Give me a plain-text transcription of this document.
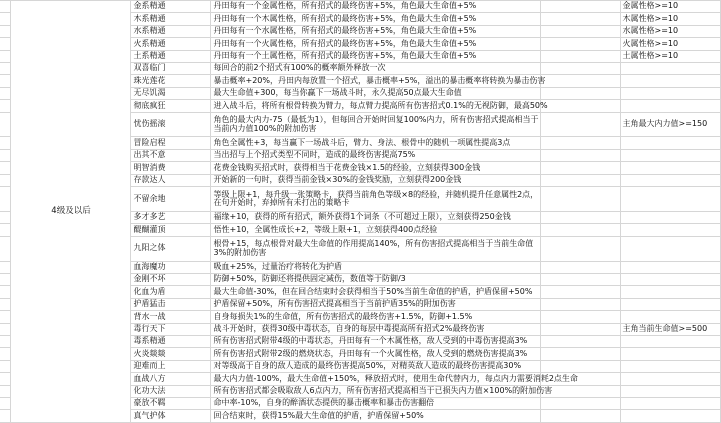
	4级及以后	金系精通	丹田每有一个金属性格，所有招式的最终伤害+5%，角色最大生命值+5%		金属性格>=10
		木系精通	丹田每有一个木属性格，所有招式的最终伤害+5%，角色最大生命值+5%		木属性格>=10
		水系精通	丹田每有一个水属性格，所有招式的最终伤害+5%，角色最大生命值+5%		水属性格>=10
		火系精通	丹田每有一个火属性格，所有招式的最终伤害+5%，角色最大生命值+5%		火属性格>=10
		土系精通	丹田每有一个土属性格，所有招式的最终伤害+5%，角色最大生命值+5%		土属性格>=10
		双喜临门	每回合的前2个招式有100%的概率额外释放一次		
		珠光莲花	暴击概率+20%，丹田内每放置一个招式，暴击概率+5%，溢出的暴击概率将转换为暴击伤害		
		无尽饥渴	最大生命值+300，每当你赢下一场战斗时，永久提高50点最大生命值		
		彻底疯狂	进入战斗后，将所有根骨转换为臂力，每点臂力提高所有伤害招式0.1%的无视防御，最高50%		
		忧伤摇滚	角色的最大内力-75（最低为1），但每回合开始时回复100%内力，所有伤害招式提高相当于当前内力值100%的附加伤害		主角最大内力值>=150
		冒险启程	角色全属性+3，每当赢下一场战斗后，臂力、身法、根骨中的随机一项属性提高3点		
		出其不意	当出招与上个招式类型不同时，造成的最终伤害提高75%		
		明智消费	花费金钱购买招式时，获得相当于花费金钱×1.5的经验，立刻获得300金钱		
		存款达人	开始新的一句时，获得当前金钱×30%的金钱奖励，立刻获得200金钱		
		不留余地	等级上限+1，每升级一张策略卡，获得当前角色等级×8的经验，并随机提升任意属性2点，在句开始时，弃掉所有未打出的策略卡		
		多才多艺	福缘+10，获得的所有招式，额外获得1个词条（不可超过上限），立刻获得250金钱		
		醍醐灌顶	悟性+10，全属性成长+2，等级上限+1，立刻获得400点经验		
		九阳之体	根骨+15，每点根骨对最大生命值的作用提高140%，所有伤害招式提高相当于当前生命值3%的附加伤害		
		血海魔功	吸血+25%，过量治疗将转化为护盾		
		金刚不坏	防御+50%，防御还将提供固定减伤，数值等于防御/3		
		化血为盾	最大生命值-30%，但在回合结束时会获得相当于50%当前生命值的护盾，护盾保留+50%		
		护盾猛击	护盾保留+50%，所有伤害招式提高相当于当前护盾35%的附加伤害		
		背水一战	自身每损失1%的生命值，所有伤害招式的最终伤害+1.5%，防御+1.5%		
		毒行天下	战斗开始时，获得30级中毒状态，自身的每层中毒提高所有招式2%最终伤害		主角当前生命值>=500
		毒系精通	所有伤害招式附带4级的中毒状态，丹田每有一个木属性格，敌人受到的中毒伤害提高3%		
		火炎燚燚	所有伤害招式附带2级的燃烧状态，丹田每有一个火属性格，敌人受到的燃烧伤害提高3%		
		迎难而上	对等级高于自身的敌人造成的最终伤害提高50%，对精英敌人造成的最终伤害提高30%		
		血战八方	最大内力值-100%，最大生命值+150%，释放招式时，使用生命代替内力，每点内力需要消耗2点生命		
		化功大法	所有伤害招式都会吸取敌人6点内力，所有伤害招式提高相当于已损失内力值×100%的附加伤害		
		豪放不羁	命中率-10%，自身的醉酒状态提供的暴击概率和暴击伤害翻倍		
		真气护体	回合结束时，获得15%最大生命值的护盾，护盾保留+50%		
